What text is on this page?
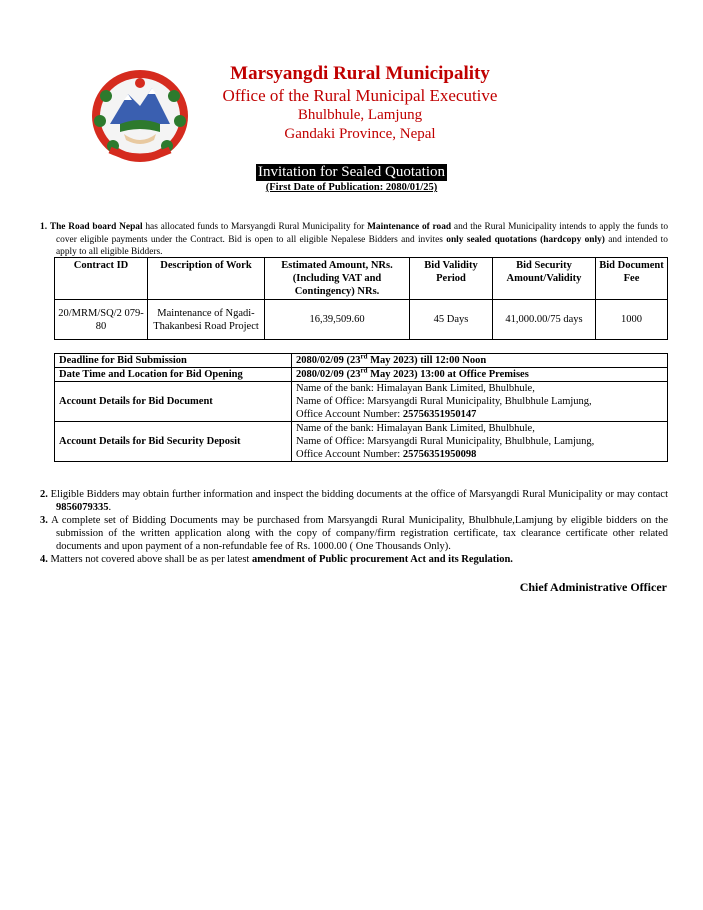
Marsyangdi Rural Municipality
Office of the Rural Municipal Executive
Bhulbhule, Lamjung
Gandaki Province, Nepal
Invitation for Sealed Quotation
(First Date of Publication: 2080/01/25)
1. The Road board Nepal has allocated funds to Marsyangdi Rural Municipality for Maintenance of road and the Rural Municipality intends to apply the funds to cover eligible payments under the Contract. Bid is open to all eligible Nepalese Bidders and invites only sealed quotations (hardcopy only) and intended to apply to all eligible Bidders.
Contract ID	Description of Work	Estimated Amount, NRs. (Including VAT and Contingency) NRs.	Bid Validity Period	Bid Security Amount/Validity	Bid Document Fee
20/MRM/SQ/2 079-80	Maintenance of Ngadi-Thakanbesi Road Project	16,39,509.60	45 Days	41,000.00/75 days	1000
Deadline for Bid Submission	2080/02/09 (23rd May 2023) till 12:00 Noon
Date Time and Location for Bid Opening	2080/02/09 (23rd May 2023) 13:00 at Office Premises
Account Details for Bid Document	Name of the bank: Himalayan Bank Limited, Bhulbhule,
Name of Office: Marsyangdi Rural Municipality, Bhulbhule Lamjung,
Office Account Number: 25756351950147

Account Details for Bid Security Deposit	Name of the bank: Himalayan Bank Limited, Bhulbhule,
Name of Office: Marsyangdi Rural Municipality, Bhulbhule, Lamjung,
Office Account Number: 25756351950098

2. Eligible Bidders may obtain further information and inspect the bidding documents at the office of Marsyangdi Rural Municipality or may contact 9856079335.

3. A complete set of Bidding Documents may be purchased from Marsyangdi Rural Municipality, Bhulbhule,Lamjung by eligible bidders on the submission of the written application along with the copy of company/firm registration certificate, tax clearance certificate other related documents and upon payment of a non-refundable fee of Rs. 1000.00 ( One Thousands Only).

4. Matters not covered above shall be as per latest amendment of Public procurement Act and its Regulation.

Chief Administrative Officer
